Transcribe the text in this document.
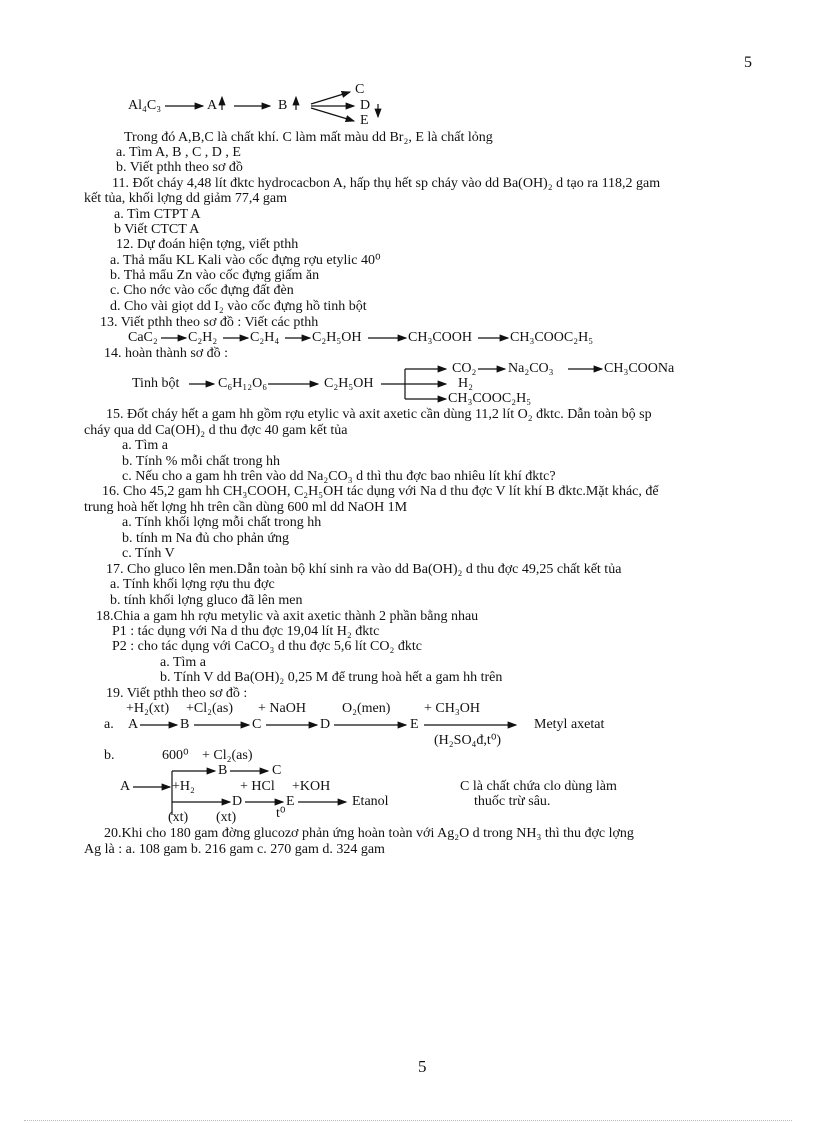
5
Al₄C₃	A	B
C
D
E
Trong đó A,B,C là chất khí. C làm mất màu dd Br₂, E là chất lỏng
a. Tìm A, B , C , D , E
b. Viết pthh theo sơ đồ
11. Đốt cháy 4,48 lít đktc hydrocacbon A, hấp thụ hết sp cháy vào dd Ba(OH)₂ d tạo ra 118,2 gam
kết tủa, khối lợng dd giảm 77,4 gam
a. Tìm CTPT A
b Viết CTCT A
12. Dự đoán hiện tợng, viết pthh
a. Thả mẩu KL Kali vào cốc đựng rợu etylic 40⁰
b. Thả mẩu Zn vào cốc đựng giấm ăn
c. Cho nớc vào cốc đựng đất đèn
d. Cho vài giọt dd I₂ vào cốc đựng hồ tinh bột
13. Viết pthh theo sơ đồ : Viết các pthh
CaC₂ C₂H₂ C₂H₄ C₂H₅OH	CH₃COOH	CH₃COOC₂H₅
14. hoàn thành sơ đồ :
CO₂ Na₂CO₃	CH₃COONa
Tinh bột	C₆H₁₂O₆	C₂H₅OH	H₂
CH₃COOC₂H₅
15. Đốt cháy hết a gam hh gồm rợu etylic và axit axetic cần dùng 11,2 lít O₂ đktc. Dẫn toàn bộ sp
cháy qua dd Ca(OH)₂ d thu đợc 40 gam kết tủa
a. Tìm a
b. Tính % mỗi chất trong hh
c. Nếu cho a gam hh trên vào dd Na₂CO₃ d thì thu đợc bao nhiêu lít khí đktc?
16. Cho 45,2 gam hh CH₃COOH, C₂H₅OH tác dụng với Na d thu đợc V lít khí B đktc.Mặt khác, để
trung hoà hết lợng hh trên cần dùng 600 ml dd NaOH 1M
a. Tính khối lợng mỗi chất trong hh
b. tính m Na đủ cho phản ứng
c. Tính V
17. Cho gluco lên men.Dẫn toàn bộ khí sinh ra vào dd Ba(OH)₂ d thu đợc 49,25 chất kết tủa
a. Tính khối lợng rợu thu đợc
b. tính khối lợng gluco đã lên men
18.Chia a gam hh rợu metylic và axit axetic thành 2 phần bằng nhau
P1 : tác dụng với Na d thu đợc 19,04 lít H₂ đktc
P2 : cho tác dụng với CaCO₃ d thu đợc 5,6 lít CO₂ đktc
a. Tìm a
b. Tính V dd Ba(OH)₂ 0,25 M để trung hoà hết a gam hh trên
19. Viết pthh theo sơ đồ :
+H₂(xt) +Cl₂(as) + NaOH	O₂(men) + CH₃OH
a. A	B	C	D	E	Metyl axetat
(H₂SO₄đ,t⁰)
b.	600⁰ + Cl₂(as)
B	C
A	+H₂	+ HCl +KOH	C là chất chứa clo dùng làm
D	E	Etanol	thuốc trừ sâu.
(xt) (xt)	t⁰
20.Khi cho 180 gam đờng glucozơ phản ứng hoàn toàn với Ag₂O d trong NH₃ thì thu đợc lợng
Ag là : a. 108 gam b. 216 gam c. 270 gam d. 324 gam
5
